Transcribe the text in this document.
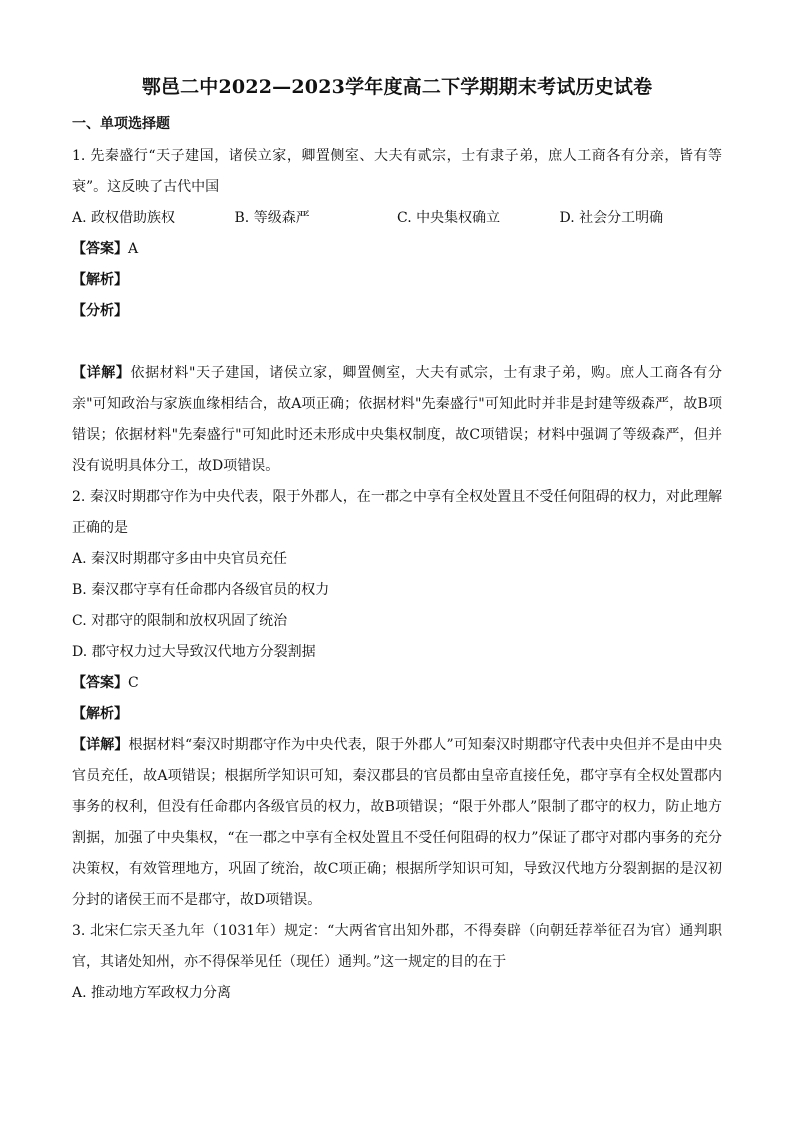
鄂邑二中2022—2023学年度高二下学期期末考试历史试卷
一、单项选择题

1. 先秦盛行“天子建国，诸侯立家，卿置侧室、大夫有贰宗，士有隶子弟，庶人工商各有分亲，皆有等衰”。这反映了古代中国

A. 政权借助族权	B. 等级森严	C. 中央集权确立	D. 社会分工明确

【答案】A

【解析】

【分析】

【详解】依据材料"天子建国，诸侯立家，卿置侧室，大夫有贰宗，士有隶子弟，购。庶人工商各有分亲"可知政治与家族血缘相结合，故A项正确；依据材料"先秦盛行"可知此时并非是封建等级森严，故B项错误；依据材料"先秦盛行"可知此时还未形成中央集权制度，故C项错误；材料中强调了等级森严，但并没有说明具体分工，故D项错误。

2. 秦汉时期郡守作为中央代表，限于外郡人，在一郡之中享有全权处置且不受任何阻碍的权力，对此理解正确的是

A. 秦汉时期郡守多由中央官员充任

B. 秦汉郡守享有任命郡内各级官员的权力

C. 对郡守的限制和放权巩固了统治

D. 郡守权力过大导致汉代地方分裂割据

【答案】C

【解析】

【详解】根据材料“秦汉时期郡守作为中央代表，限于外郡人”可知秦汉时期郡守代表中央但并不是由中央官员充任，故A项错误；根据所学知识可知，秦汉郡县的官员都由皇帝直接任免，郡守享有全权处置郡内事务的权利，但没有任命郡内各级官员的权力，故B项错误；“限于外郡人”限制了郡守的权力，防止地方割据，加强了中央集权，“在一郡之中享有全权处置且不受任何阻碍的权力”保证了郡守对郡内事务的充分决策权，有效管理地方，巩固了统治，故C项正确；根据所学知识可知，导致汉代地方分裂割据的是汉初分封的诸侯王而不是郡守，故D项错误。

3. 北宋仁宗天圣九年（1031年）规定：“大两省官出知外郡，不得奏辟（向朝廷荐举征召为官）通判职官，其诸处知州，亦不得保举见任（现任）通判。”这一规定的目的在于

A. 推动地方军政权力分离
